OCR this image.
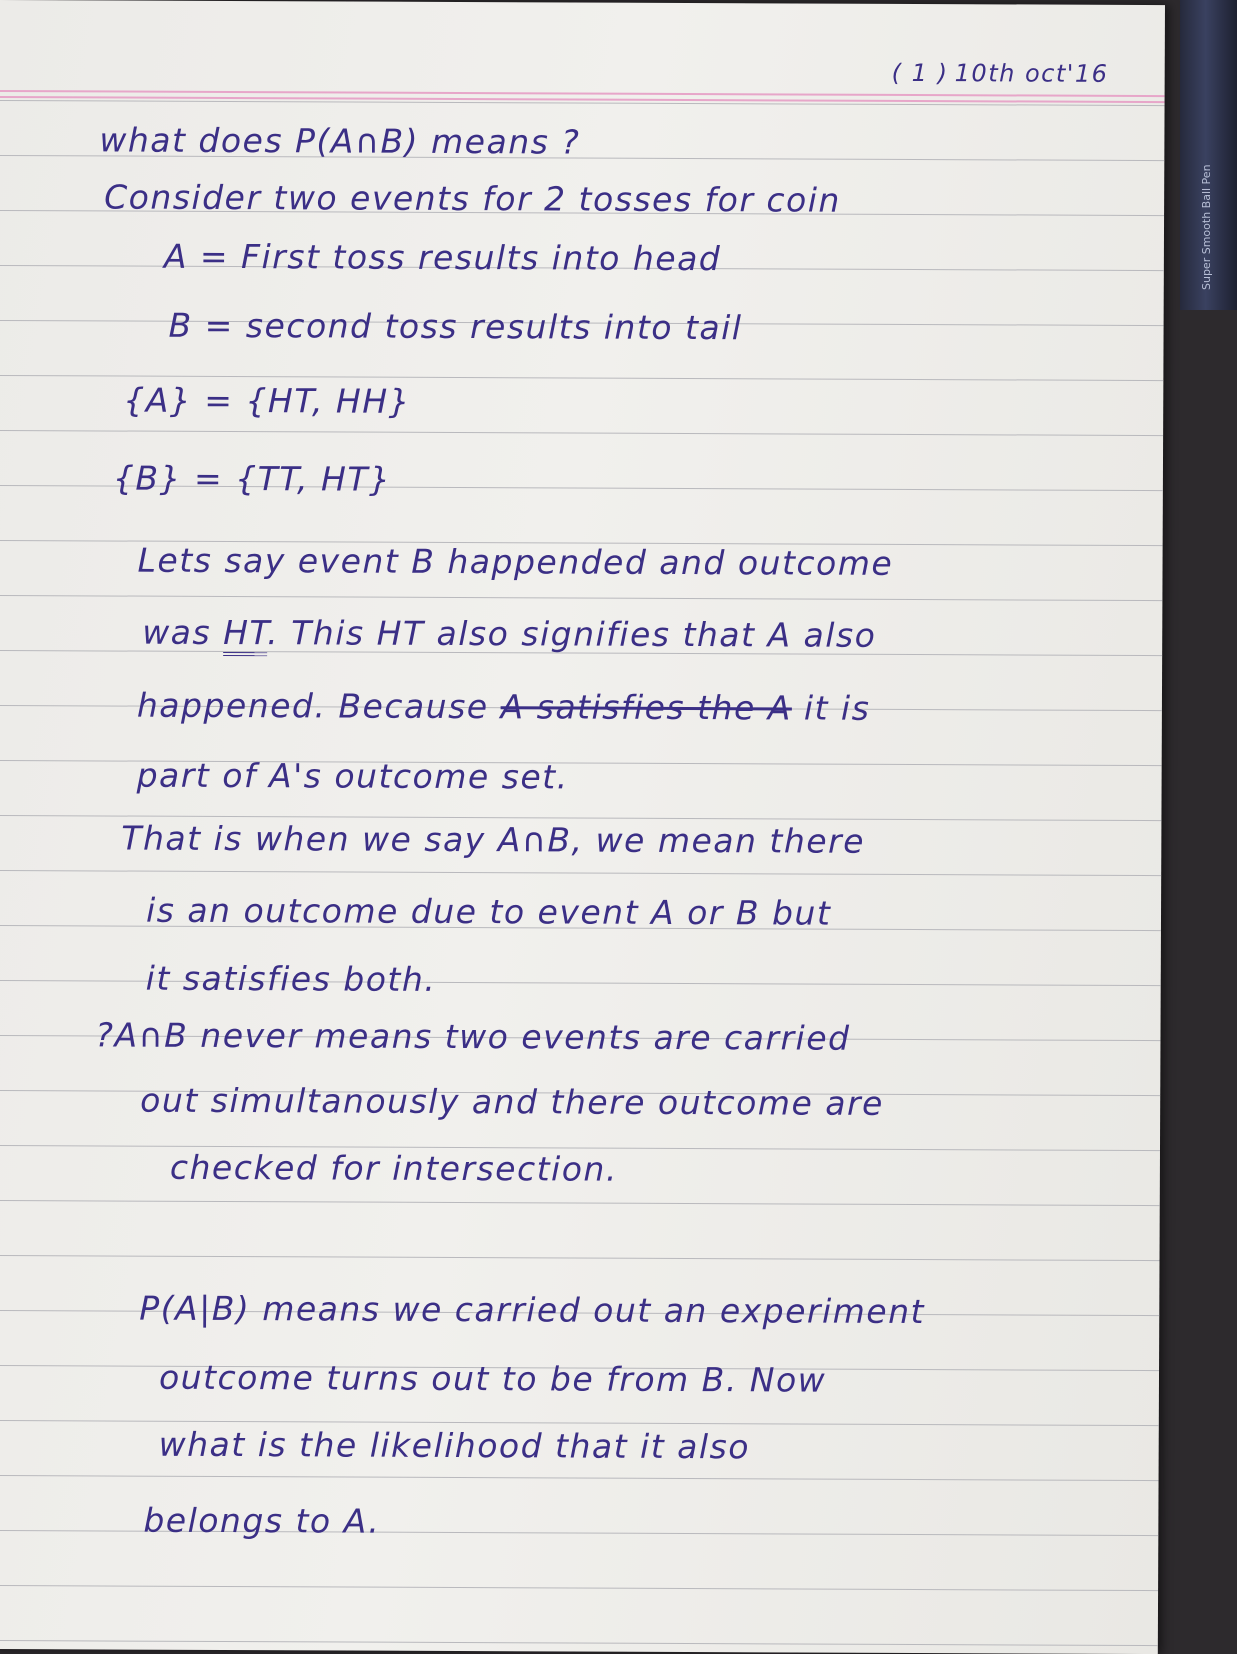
Super Smooth Ball Pen
( 1 ) 10th oct'16

what does P(A∩B) means ?

Consider two events for 2 tosses for coin

A = First toss results into head

B = second toss results into tail

{A} = {HT, HH}

{B} = {TT, HT}

Lets say event B happended and outcome

was HT. This HT also signifies that A also

happened. Because A satisfies the A it is

part of A's outcome set.

That is when we say A∩B, we mean there

is an outcome due to event A or B but

it satisfies both.

?A∩B never means two events are carried

out simultanously and there outcome are

checked for intersection.

P(A|B) means we carried out an experiment

outcome turns out to be from B. Now

what is the likelihood that it also

belongs to A.
